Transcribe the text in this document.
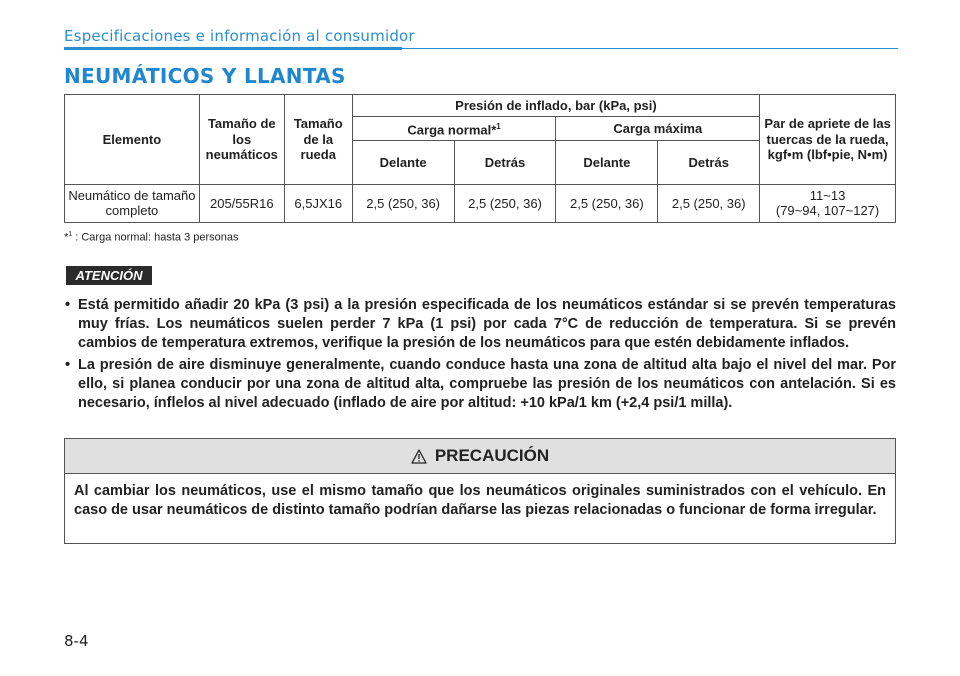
Especificaciones e información al consumidor
NEUMÁTICOS Y LLANTAS
Elemento	Tamaño de los neumáticos	Tamaño de la rueda	Presión de inflado, bar (kPa, psi)				Par de apriete de las tuercas de la rueda, kgf•m (lbf•pie, N•m)
			Carga normal*$^1$		Carga máxima		
			Delante	Detrás	Delante	Detrás	
Neumático de tamaño completo	205/55R16	6,5JX16	2,5 (250, 36)	2,5 (250, 36)	2,5 (250, 36)	2,5 (250, 36)	11~13
(79~94, 107~127)
*$^1$ : Carga normal: hasta 3 personas
ATENCIÓN
• Está permitido añadir 20 kPa (3 psi) a la presión especificada de los neumáticos estándar si se prevén temperaturas muy frías. Los neumáticos suelen perder 7 kPa (1 psi) por cada 7°C de reducción de temperatura. Si se prevén cambios de temperatura extremos, verifique la presión de los neumáticos para que estén debidamente inflados.
• La presión de aire disminuye generalmente, cuando conduce hasta una zona de altitud alta bajo el nivel del mar. Por ello, si planea conducir por una zona de altitud alta, compruebe las presión de los neumáticos con antelación. Si es necesario, ínflelos al nivel adecuado (inflado de aire por altitud: +10 kPa/1 km (+2,4 psi/1 milla).
PRECAUCIÓN
Al cambiar los neumáticos, use el mismo tamaño que los neumáticos originales suministrados con el vehículo. En caso de usar neumáticos de distinto tamaño podrían dañarse las piezas relacionadas o funcionar de forma irregular.
8-4
